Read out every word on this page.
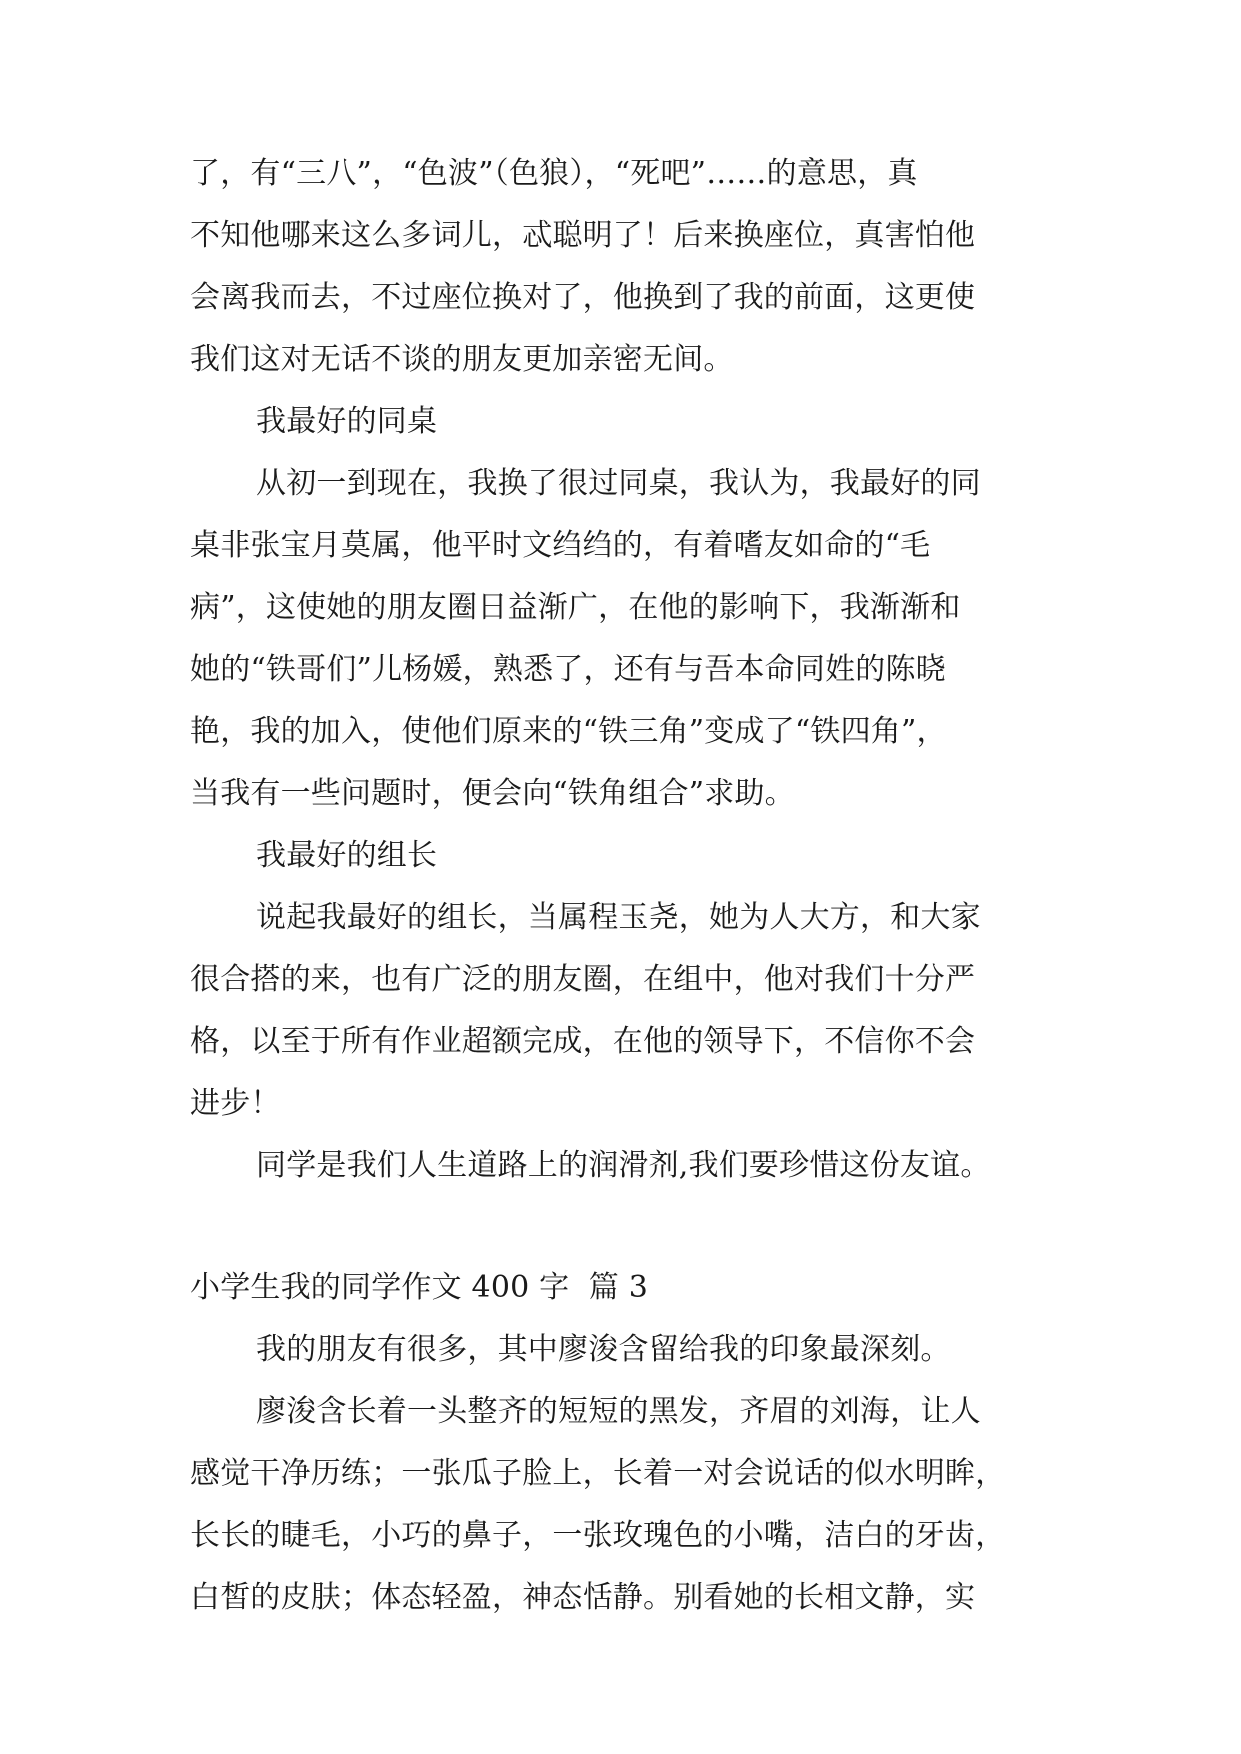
了，有“三八”，“色波”（色狼），“死吧”……的意思，真
不知他哪来这么多词儿，忒聪明了！后来换座位，真害怕他
会离我而去，不过座位换对了，他换到了我的前面，这更使
我们这对无话不谈的朋友更加亲密无间。
我最好的同桌
从初一到现在，我换了很过同桌，我认为，我最好的同
桌非张宝月莫属，他平时文绉绉的，有着嗜友如命的“毛
病”，这使她的朋友圈日益渐广，在他的影响下，我渐渐和
她的“铁哥们”儿杨媛，熟悉了，还有与吾本命同姓的陈晓
艳，我的加入，使他们原来的“铁三角”变成了“铁四角”，
当我有一些问题时，便会向“铁角组合”求助。
我最好的组长
说起我最好的组长，当属程玉尧，她为人大方，和大家
很合搭的来，也有广泛的朋友圈，在组中，他对我们十分严
格，以至于所有作业超额完成，在他的领导下，不信你不会
进步！
同学是我们人生道路上的润滑剂,我们要珍惜这份友谊。
小学生我的同学作文 400 字  篇 3
我的朋友有很多，其中廖浚含留给我的印象最深刻。
廖浚含长着一头整齐的短短的黑发，齐眉的刘海，让人
感觉干净历练；一张瓜子脸上，长着一对会说话的似水明眸，
长长的睫毛，小巧的鼻子，一张玫瑰色的小嘴，洁白的牙齿，
白皙的皮肤；体态轻盈，神态恬静。别看她的长相文静，实
